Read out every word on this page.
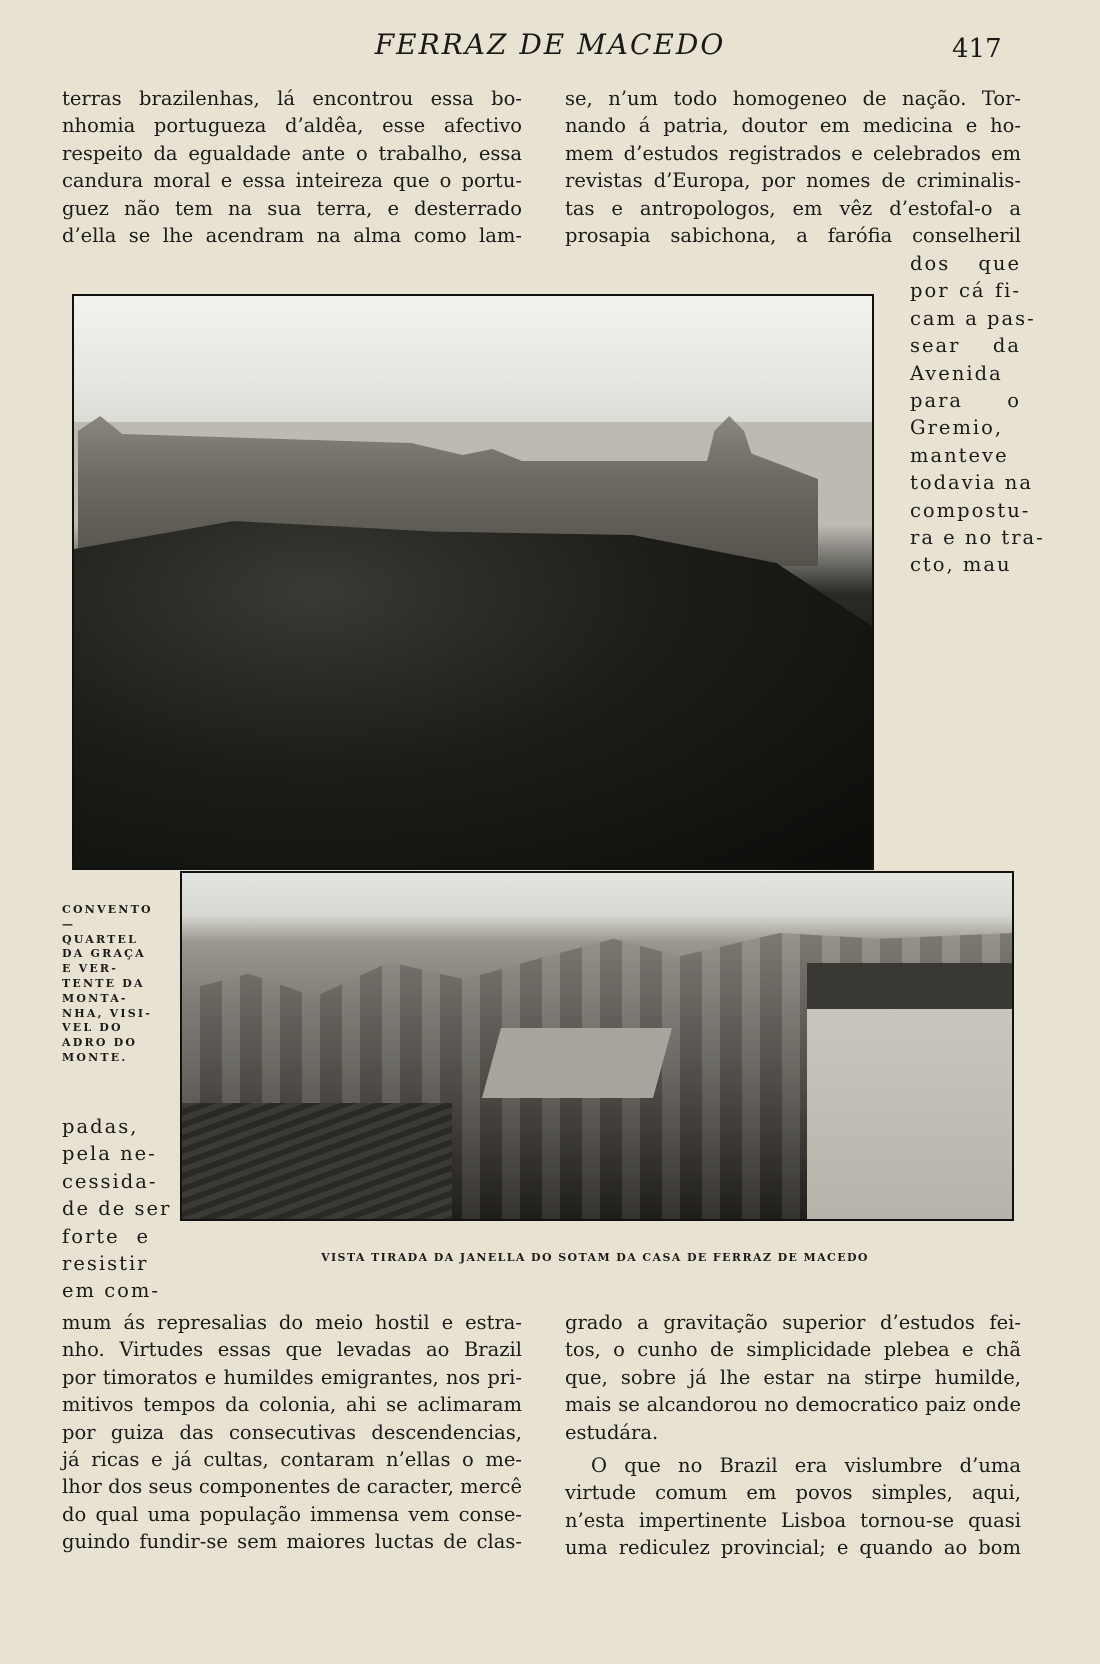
FERRAZ DE MACEDO	417
terras brazilenhas, lá encontrou essa bo-
nhomia portugueza d’aldêa, esse afectivo
respeito da egualdade ante o trabalho, essa
candura moral e essa inteireza que o portu-
guez não tem na sua terra, e desterrado
d’ella se lhe acendram na alma como lam-
se, n’um todo homogeneo de nação. Tor-
nando á patria, doutor em medicina e ho-
mem d’estudos registrados e celebrados em
revistas d’Europa, por nomes de criminalis-
tas e antropologos, em vêz d’estofal-o a
prosapia sabichona, a farófia conselheril
dos que
por cá fi-
cam a pas-
sear da
Avenida
para o
Gremio,
manteve
todavia na
compostu-
ra e no tra-
cto, mau
CONVENTO —
QUARTEL
DA GRAÇA
E VER-
TENTE DA
MONTA-
NHA, VISI-
VEL DO
ADRO DO
MONTE.
padas,
pela ne-
cessida-
de de ser
forte e
resistir
em com-
VISTA TIRADA DA JANELLA DO SOTAM DA CASA DE FERRAZ DE MACEDO
mum ás represalias do meio hostil e estra-
nho. Virtudes essas que levadas ao Brazil
por timoratos e humildes emigrantes, nos pri-
mitivos tempos da colonia, ahi se aclimaram
por guiza das consecutivas descendencias,
já ricas e já cultas, contaram n’ellas o me-
lhor dos seus componentes de caracter, mercê
do qual uma população immensa vem conse-
guindo fundir-se sem maiores luctas de clas-
grado a gravitação superior d’estudos fei-
tos, o cunho de simplicidade plebea e chã
que, sobre já lhe estar na stirpe humilde,
mais se alcandorou no democratico paiz onde
estudára.
O que no Brazil era vislumbre d’uma
virtude comum em povos simples, aqui,
n’esta impertinente Lisboa tornou-se quasi
uma rediculez provincial; e quando ao bom
